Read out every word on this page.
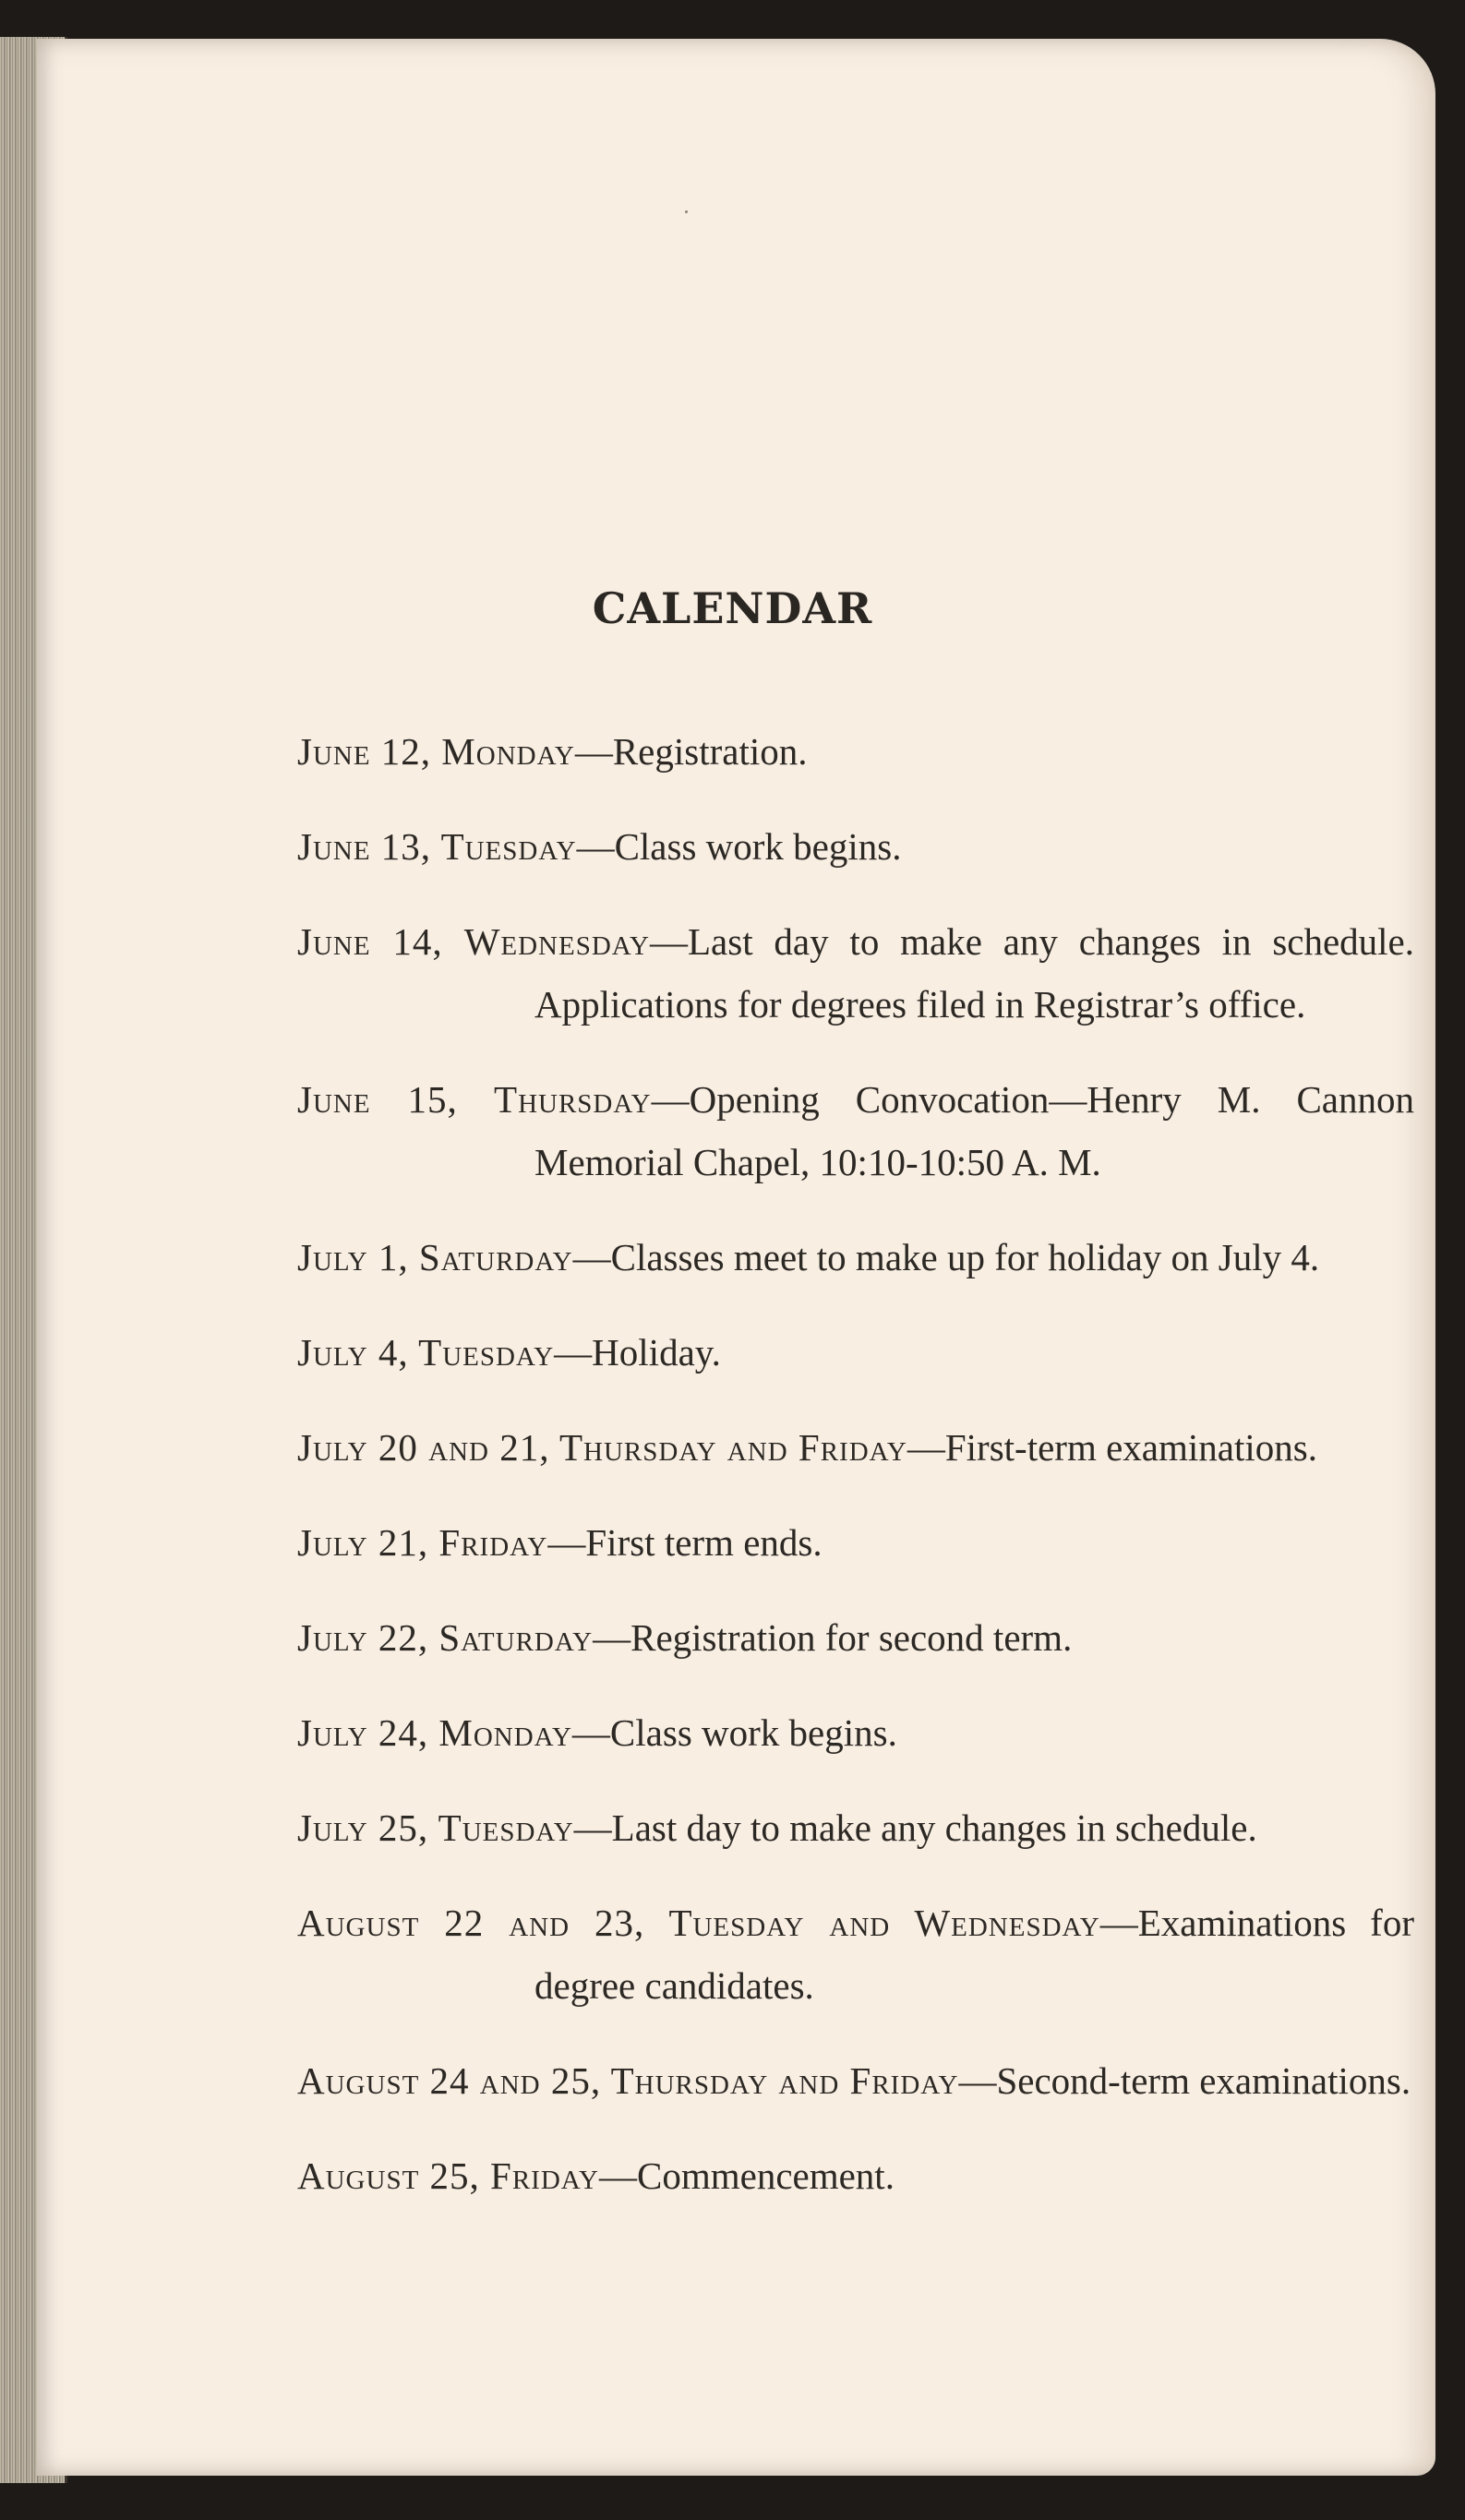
CALENDAR

June 12, Monday—Registration.

June 13, Tuesday—Class work begins.

June 14, Wednesday—Last day to make any changes in schedule. Applications for degrees filed in Registrar’s office.

June 15, Thursday—Opening Convocation—Henry M. Cannon Memorial Chapel, 10:10-10:50 A. M.

July 1, Saturday—Classes meet to make up for holiday on July 4.

July 4, Tuesday—Holiday.

July 20 and 21, Thursday and Friday—First-term examinations.

July 21, Friday—First term ends.

July 22, Saturday—Registration for second term.

July 24, Monday—Class work begins.

July 25, Tuesday—Last day to make any changes in schedule.

August 22 and 23, Tuesday and Wednesday—Examinations for degree candidates.

August 24 and 25, Thursday and Friday—Second-term examinations.

August 25, Friday—Commencement.
